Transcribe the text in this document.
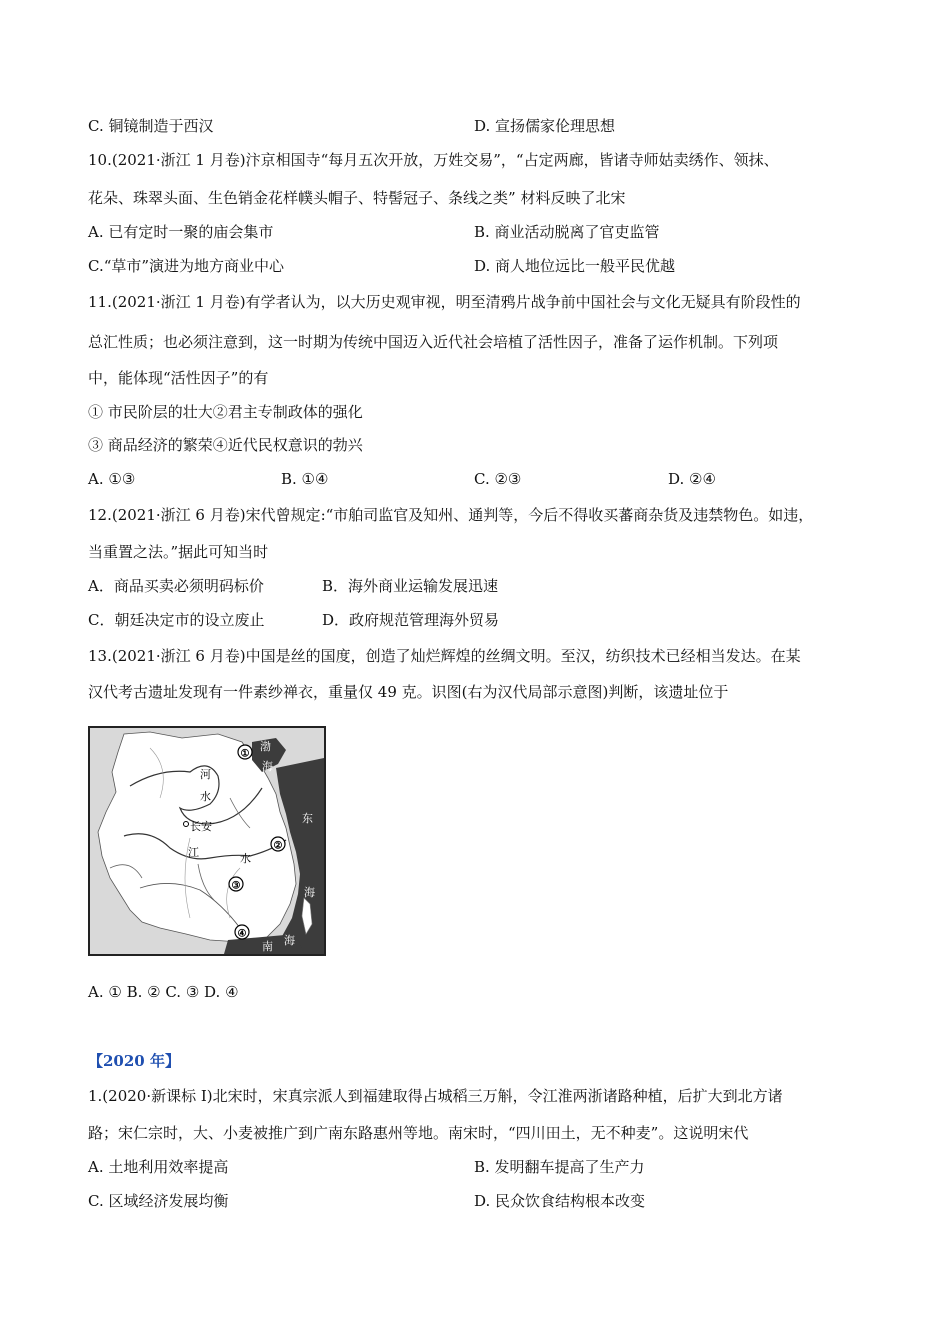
C. 铜镜制造于西汉	D. 宣扬儒家伦理思想
10.(2021·浙江 1 月卷)汴京相国寺“每月五次开放，万姓交易”，“占定两廊，皆诸寺师姑卖绣作、领抹、
花朵、珠翠头面、生色销金花样幞头帽子、特髻冠子、条线之类” 材料反映了北宋
A. 已有定时一聚的庙会集市	B. 商业活动脱离了官吏监管
C.“草市”演进为地方商业中心	D. 商人地位远比一般平民优越
11.(2021·浙江 1 月卷)有学者认为，以大历史观审视，明至清鸦片战争前中国社会与文化无疑具有阶段性的
总汇性质；也必须注意到，这一时期为传统中国迈入近代社会培植了活性因子，准备了运作机制。下列项
中，能体现“活性因子”的有
① 市民阶层的壮大②君主专制政体的强化
③ 商品经济的繁荣④近代民权意识的勃兴
A. ①③	B. ①④	C. ②③	D. ②④
12.(2021·浙江 6 月卷)宋代曾规定:“市舶司监官及知州、通判等，今后不得收买蕃商杂货及违禁物色。如违，
当重置之法。”据此可知当时
A．商品买卖必须明码标价	B．海外商业运输发展迅速
C．朝廷决定市的设立废止	D．政府规范管理海外贸易
13.(2021·浙江 6 月卷)中国是丝的国度，创造了灿烂辉煌的丝绸文明。至汉，纺织技术已经相当发达。在某
汉代考古遗址发现有一件素纱禅衣，重量仅 49 克。识图(右为汉代局部示意图)判断，该遗址位于
①
②
③
④
河
水
长安
江	水
渤
海
东
海
南 海
A. ① B. ② C. ③ D. ④
【2020 年】
1.(2020·新课标 I)北宋时，宋真宗派人到福建取得占城稻三万斛，令江淮两浙诸路种植，后扩大到北方诸
路；宋仁宗时，大、小麦被推广到广南东路惠州等地。南宋时，“四川田土，无不种麦”。这说明宋代
A. 土地利用效率提高	B. 发明翻车提高了生产力
C. 区域经济发展均衡	D. 民众饮食结构根本改变
